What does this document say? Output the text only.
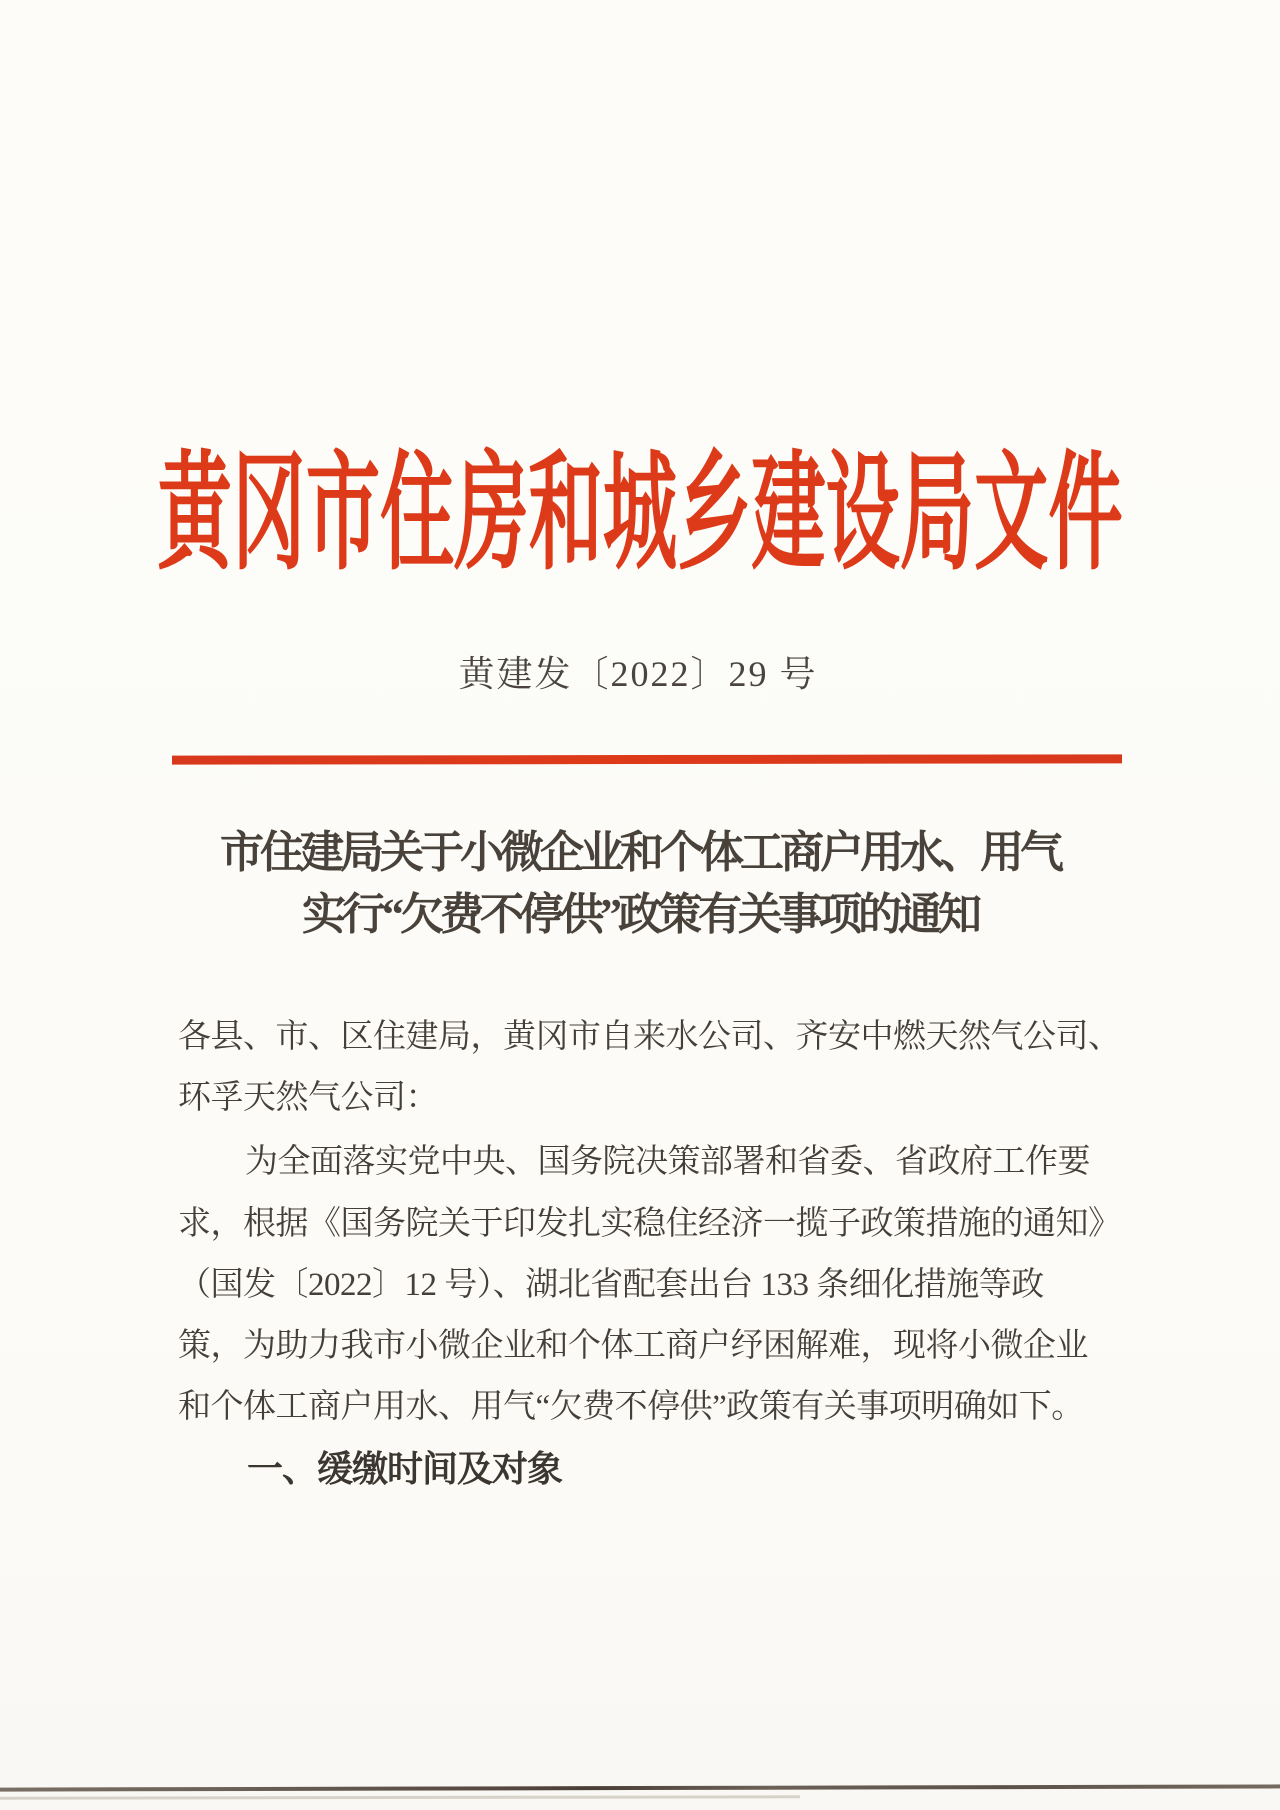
黄冈市住房和城乡建设局文件
黄建发〔2022〕29 号
市住建局关于小微企业和个体工商户用水、用气
实行“欠费不停供”政策有关事项的通知
各县、市、区住建局，黄冈市自来水公司、齐安中燃天然气公司、
环孚天然气公司：
为全面落实党中央、国务院决策部署和省委、省政府工作要
求，根据《国务院关于印发扎实稳住经济一揽子政策措施的通知》
（国发〔2022〕12 号）、湖北省配套出台 133 条细化措施等政
策，为助力我市小微企业和个体工商户纾困解难，现将小微企业
和个体工商户用水、用气“欠费不停供”政策有关事项明确如下。
一、缓缴时间及对象
